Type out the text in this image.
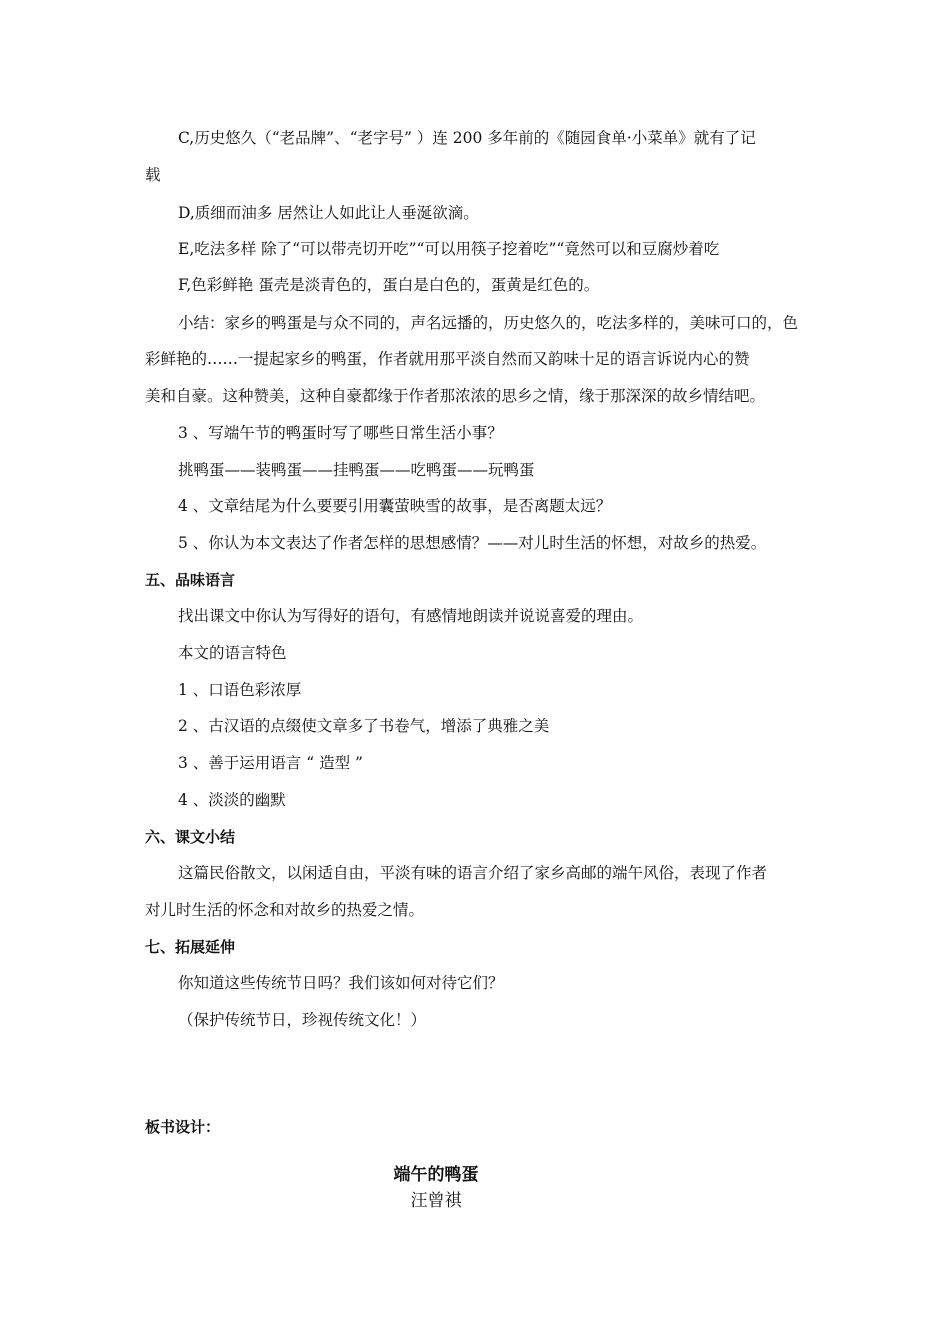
C,历史悠久（“老品牌”、“老字号” ）连 200 多年前的《随园食单·小菜单》就有了记
载
D,质细而油多 居然让人如此让人垂涎欲滴。
E,吃法多样 除了“可以带壳切开吃”“可以用筷子挖着吃”“竟然可以和豆腐炒着吃
F,色彩鲜艳 蛋壳是淡青色的，蛋白是白色的，蛋黄是红色的。
小结：家乡的鸭蛋是与众不同的，声名远播的，历史悠久的，吃法多样的，美味可口的，色
彩鲜艳的……一提起家乡的鸭蛋，作者就用那平淡自然而又韵味十足的语言诉说内心的赞
美和自豪。这种赞美，这种自豪都缘于作者那浓浓的思乡之情，缘于那深深的故乡情结吧。
3 、写端午节的鸭蛋时写了哪些日常生活小事？
挑鸭蛋——装鸭蛋——挂鸭蛋——吃鸭蛋——玩鸭蛋
4 、文章结尾为什么要要引用囊萤映雪的故事，是否离题太远？
5 、你认为本文表达了作者怎样的思想感情？——对儿时生活的怀想，对故乡的热爱。
五、品味语言
找出课文中你认为写得好的语句，有感情地朗读并说说喜爱的理由。
本文的语言特色
1 、口语色彩浓厚
2 、古汉语的点缀使文章多了书卷气，增添了典雅之美
3 、善于运用语言 “ 造型 ”
4 、淡淡的幽默
六、课文小结
这篇民俗散文，以闲适自由，平淡有味的语言介绍了家乡高邮的端午风俗，表现了作者
对儿时生活的怀念和对故乡的热爱之情。
七、拓展延伸
你知道这些传统节日吗？我们该如何对待它们？
（保护传统节日，珍视传统文化！）
板书设计：
端午的鸭蛋
汪曾祺
